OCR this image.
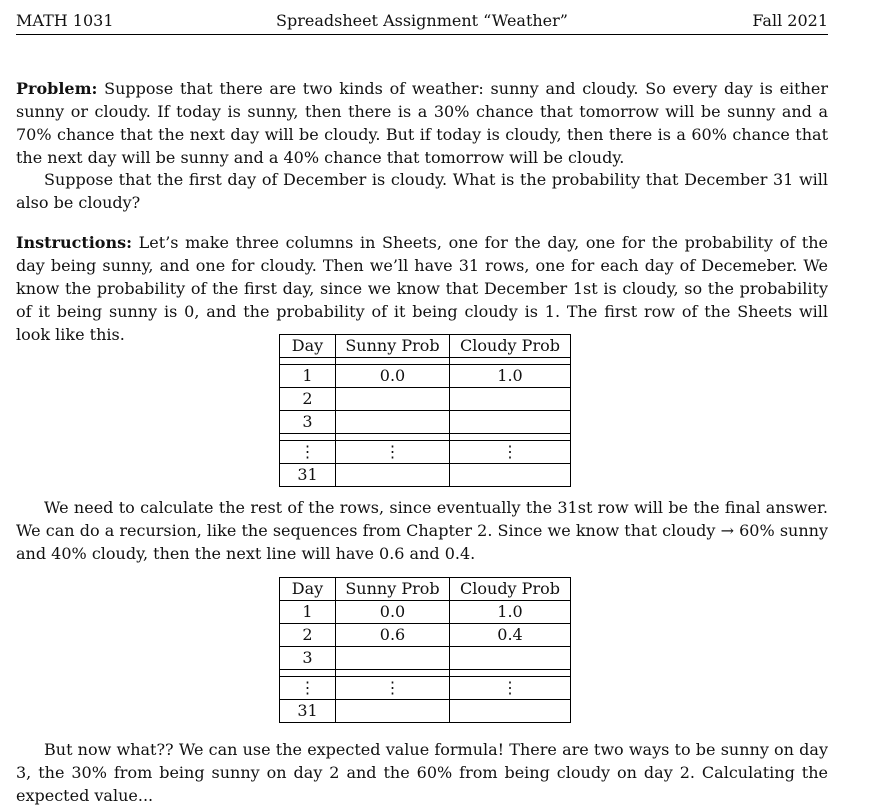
MATH 1031	Spreadsheet Assignment “Weather”	Fall 2021

Problem: Suppose that there are two kinds of weather: sunny and cloudy. So every day is either sunny or cloudy. If today is sunny, then there is a 30% chance that tomorrow will be sunny and a 70% chance that the next day will be cloudy. But if today is cloudy, then there is a 60% chance that the next day will be sunny and a 40% chance that tomorrow will be cloudy.

Suppose that the first day of December is cloudy. What is the probability that December 31 will also be cloudy?

Instructions: Let’s make three columns in Sheets, one for the day, one for the probability of the day being sunny, and one for cloudy. Then we’ll have 31 rows, one for each day of Decemeber. We know the probability of the first day, since we know that December 1st is cloudy, so the probability of it being sunny is 0, and the probability of it being cloudy is 1. The first row of the Sheets will look like this.

Day	Sunny Prob	Cloudy Prob

1	0.0	1.0
2		
3		

⋮	⋮	⋮
31		

We need to calculate the rest of the rows, since eventually the 31st row will be the final answer. We can do a recursion, like the sequences from Chapter 2. Since we know that cloudy → 60% sunny and 40% cloudy, then the next line will have 0.6 and 0.4.

Day	Sunny Prob	Cloudy Prob
1	0.0	1.0
2	0.6	0.4
3		

⋮	⋮	⋮
31		

But now what?? We can use the expected value formula! There are two ways to be sunny on day 3, the 30% from being sunny on day 2 and the 60% from being cloudy on day 2. Calculating the expected value...
